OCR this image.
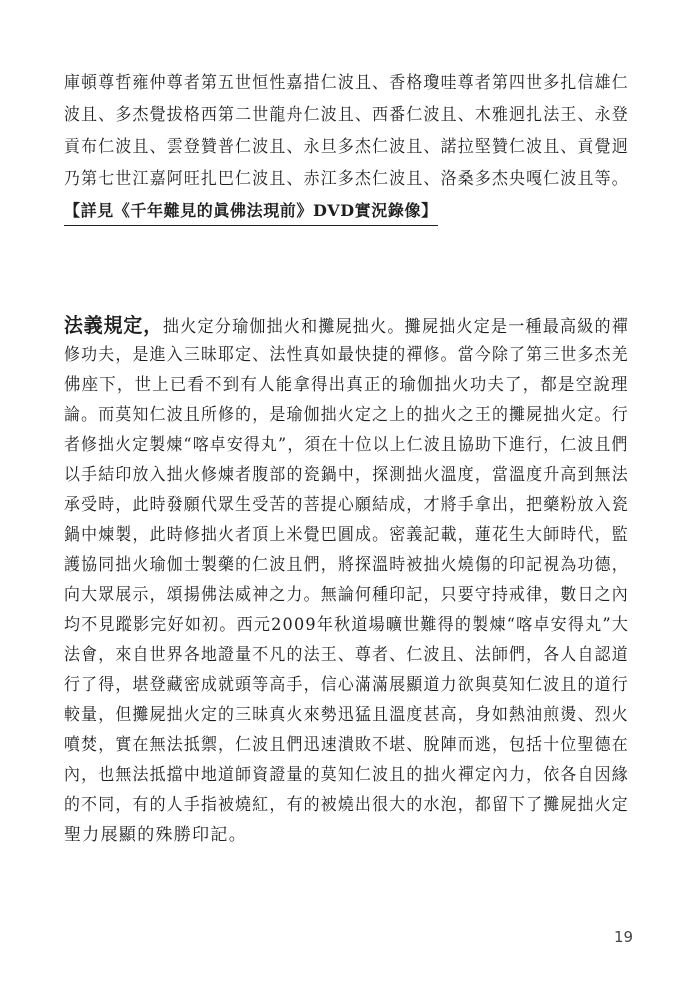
庫頓尊哲雍仲尊者第五世恒性嘉措仁波且、香格瓊哇尊者第四世多扎信雄仁
波且、多杰覺拔格西第二世龍舟仁波且、西番仁波且、木雅迥扎法王、永登
貢布仁波且、雲登贊普仁波且、永旦多杰仁波且、諾拉堅贊仁波且、貢覺迥
乃第七世江嘉阿旺扎巴仁波且、赤江多杰仁波且、洛桑多杰央嘎仁波且等。
【詳見《千年難見的眞佛法現前》DVD實況錄像】
法義規定，拙火定分瑜伽拙火和攤屍拙火。攤屍拙火定是一種最高級的禪
修功夫，是進入三昧耶定、法性真如最快捷的禪修。當今除了第三世多杰羌
佛座下，世上已看不到有人能拿得出真正的瑜伽拙火功夫了，都是空說理
論。而莫知仁波且所修的，是瑜伽拙火定之上的拙火之王的攤屍拙火定。行
者修拙火定製煉“喀卓安得丸”，須在十位以上仁波且協助下進行，仁波且們
以手結印放入拙火修煉者腹部的瓷鍋中，探測拙火溫度，當溫度升高到無法
承受時，此時發願代眾生受苦的菩提心願結成，才將手拿出，把藥粉放入瓷
鍋中煉製，此時修拙火者頂上米覺巴圓成。密義記載，蓮花生大師時代，監
護協同拙火瑜伽士製藥的仁波且們，將探溫時被拙火燒傷的印記視為功德，
向大眾展示，頌揚佛法威神之力。無論何種印記，只要守持戒律，數日之內
均不見蹤影完好如初。西元2009年秋道場曠世難得的製煉“喀卓安得丸”大
法會，來自世界各地證量不凡的法王、尊者、仁波且、法師們，各人自認道
行了得，堪登藏密成就頭等高手，信心滿滿展顯道力欲與莫知仁波且的道行
較量，但攤屍拙火定的三昧真火來勢迅猛且溫度甚高，身如熱油煎燙、烈火
噴焚，實在無法抵禦，仁波且們迅速潰敗不堪、脫陣而逃，包括十位聖德在
內，也無法抵擋中地道師資證量的莫知仁波且的拙火禪定內力，依各自因緣
的不同，有的人手指被燒紅，有的被燒出很大的水泡，都留下了攤屍拙火定
聖力展顯的殊勝印記。
19
